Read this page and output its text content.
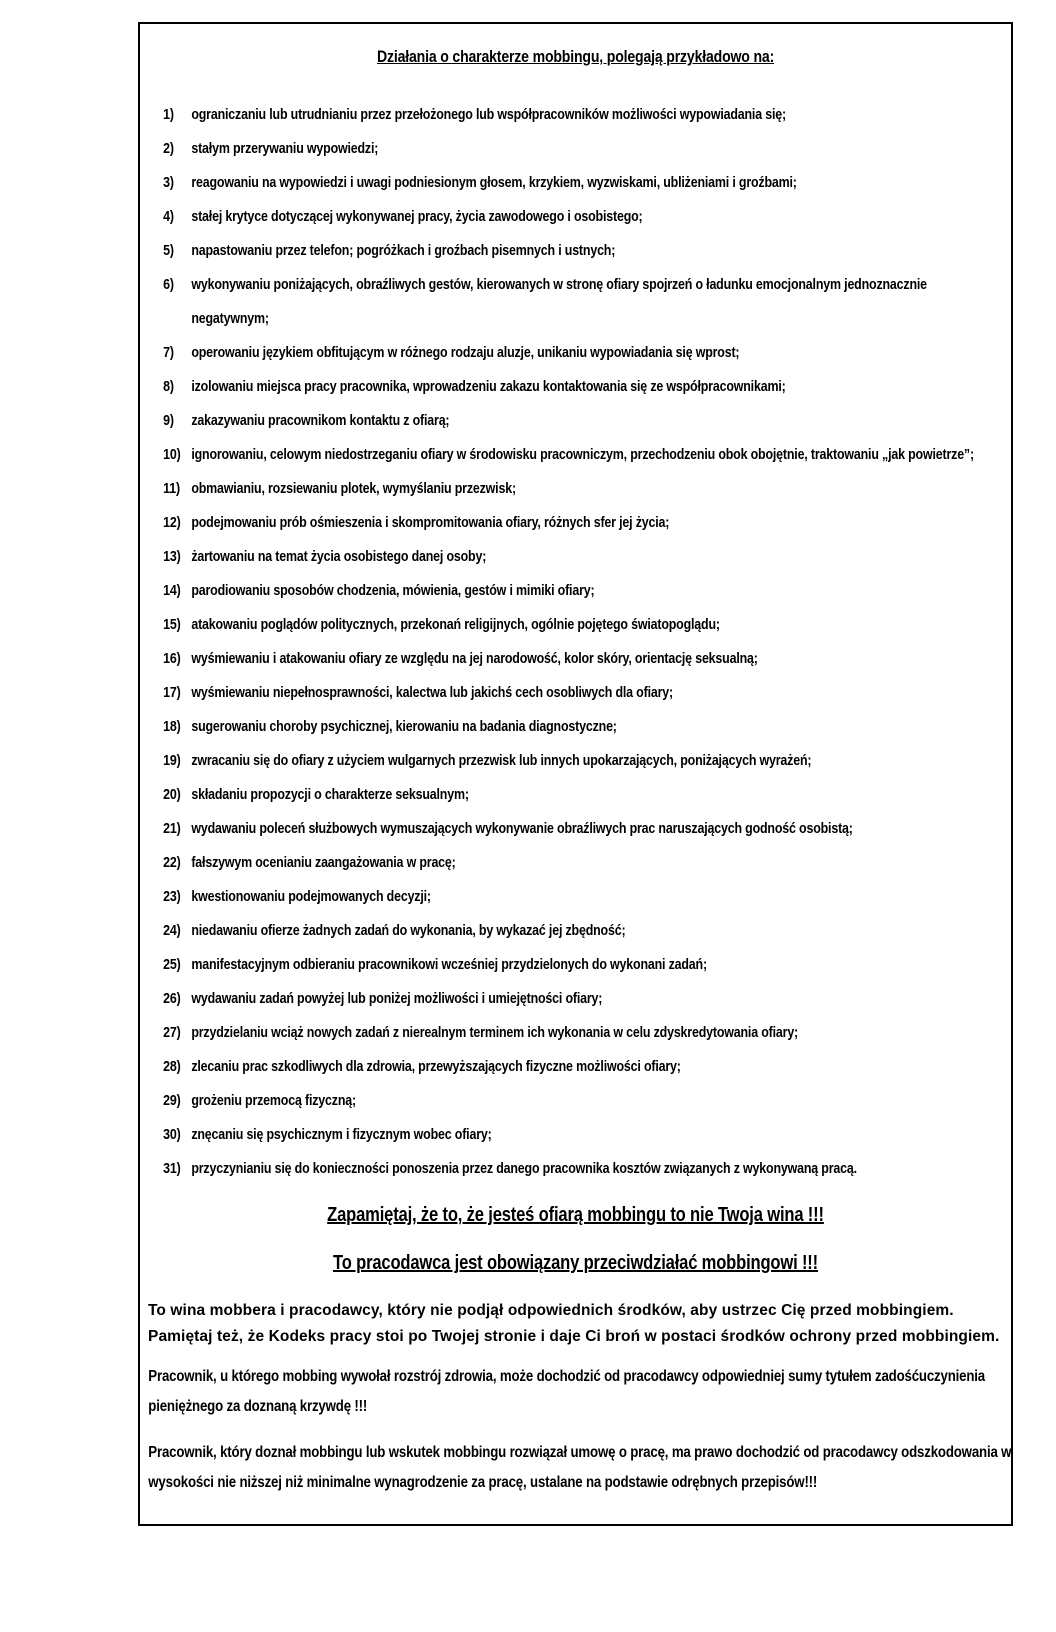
Działania o charakterze mobbingu, polegają przykładowo na:
1) ograniczaniu lub utrudnianiu przez przełożonego lub współpracowników możliwości wypowiadania się;
2) stałym przerywaniu wypowiedzi;
3) reagowaniu na wypowiedzi i uwagi podniesionym głosem, krzykiem, wyzwiskami, ubliżeniami i groźbami;
4) stałej krytyce dotyczącej wykonywanej pracy, życia zawodowego i osobistego;
5) napastowaniu przez telefon; pogróżkach i groźbach pisemnych i ustnych;
6) wykonywaniu poniżających, obraźliwych gestów, kierowanych w stronę ofiary spojrzeń o ładunku emocjonalnym jednoznacznie negatywnym;
7) operowaniu językiem obfitującym w różnego rodzaju aluzje, unikaniu wypowiadania się wprost;
8) izolowaniu miejsca pracy pracownika, wprowadzeniu zakazu kontaktowania się ze współpracownikami;
9) zakazywaniu pracownikom kontaktu z ofiarą;
10) ignorowaniu, celowym niedostrzeganiu ofiary w środowisku pracowniczym, przechodzeniu obok obojętnie, traktowaniu „jak powietrze”;
11) obmawianiu, rozsiewaniu plotek, wymyślaniu przezwisk;
12) podejmowaniu prób ośmieszenia i skompromitowania ofiary, różnych sfer jej życia;
13) żartowaniu na temat życia osobistego danej osoby;
14) parodiowaniu sposobów chodzenia, mówienia, gestów i mimiki ofiary;
15) atakowaniu poglądów politycznych, przekonań religijnych, ogólnie pojętego światopoglądu;
16) wyśmiewaniu i atakowaniu ofiary ze względu na jej narodowość, kolor skóry, orientację seksualną;
17) wyśmiewaniu niepełnosprawności, kalectwa lub jakichś cech osobliwych dla ofiary;
18) sugerowaniu choroby psychicznej, kierowaniu na badania diagnostyczne;
19) zwracaniu się do ofiary z użyciem wulgarnych przezwisk lub innych upokarzających, poniżających wyrażeń;
20) składaniu propozycji o charakterze seksualnym;
21) wydawaniu poleceń służbowych wymuszających wykonywanie obraźliwych prac naruszających godność osobistą;
22) fałszywym ocenianiu zaangażowania w pracę;
23) kwestionowaniu podejmowanych decyzji;
24) niedawaniu ofierze żadnych zadań do wykonania, by wykazać jej zbędność;
25) manifestacyjnym odbieraniu pracownikowi wcześniej przydzielonych do wykonani zadań;
26) wydawaniu zadań powyżej lub poniżej możliwości i umiejętności ofiary;
27) przydzielaniu wciąż nowych zadań z nierealnym terminem ich wykonania w celu zdyskredytowania ofiary;
28) zlecaniu prac szkodliwych dla zdrowia, przewyższających fizyczne możliwości ofiary;
29) grożeniu przemocą fizyczną;
30) znęcaniu się psychicznym i fizycznym wobec ofiary;
31) przyczynianiu się do konieczności ponoszenia przez danego pracownika kosztów związanych z wykonywaną pracą.
Zapamiętaj, że to, że jesteś ofiarą mobbingu to nie Twoja wina !!!
To pracodawca jest obowiązany przeciwdziałać mobbingowi !!!

To wina mobbera i pracodawcy, który nie podjął odpowiednich środków, aby ustrzec Cię przed mobbingiem. Pamiętaj też, że Kodeks pracy stoi po Twojej stronie i daje Ci broń w postaci środków ochrony przed mobbingiem.

Pracownik, u którego mobbing wywołał rozstrój zdrowia, może dochodzić od pracodawcy odpowiedniej sumy tytułem zadośćuczynienia pieniężnego za doznaną krzywdę !!!

Pracownik, który doznał mobbingu lub wskutek mobbingu rozwiązał umowę o pracę, ma prawo dochodzić od pracodawcy odszkodowania w wysokości nie niższej niż minimalne wynagrodzenie za pracę, ustalane na podstawie odrębnych przepisów!!!
